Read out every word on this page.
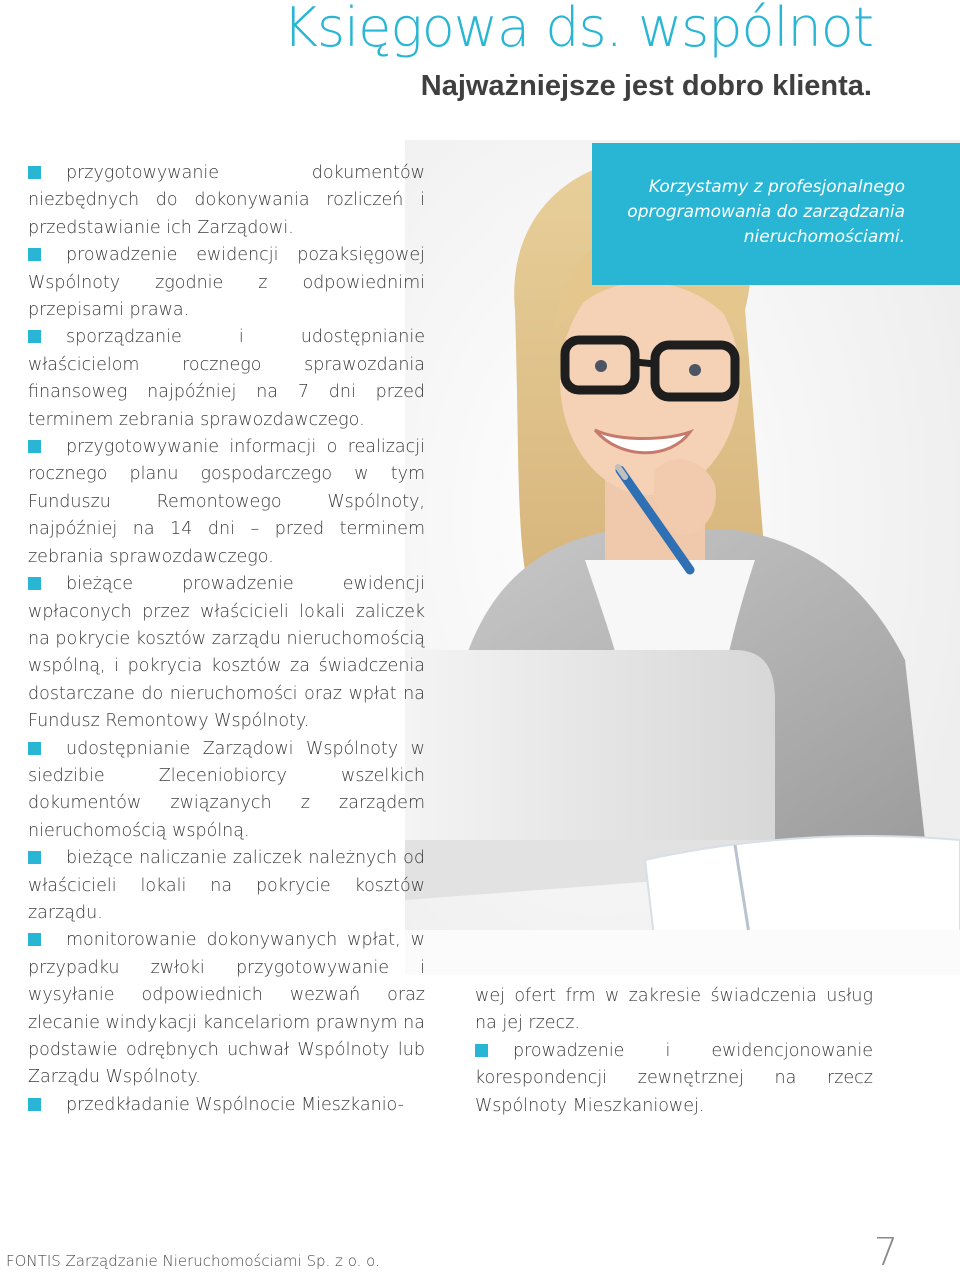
Księgowa ds. wspólnot
Najważniejsze jest dobro klienta.
Korzystamy z profesjonalnego oprogramowania do zarządzania nieruchomościami.

przygotowywanie dokumentów niezbędnych do dokonywania rozliczeń i przedstawianie ich Zarządowi.

prowadzenie ewidencji pozaksięgowej Wspólnoty zgodnie z odpowiednimi przepisami prawa.

sporządzanie i udostępnianie właścicielom rocznego sprawozdania finansoweg najpóźniej na 7 dni przed terminem zebrania sprawozdawczego.

przygotowywanie informacji o realizacji rocznego planu gospodarczego w tym Funduszu Remontowego Wspólnoty, najpóźniej na 14 dni – przed terminem zebrania sprawozdawczego.

bieżące prowadzenie ewidencji wpłaconych przez właścicieli lokali zaliczek na pokrycie kosztów zarządu nieruchomością wspólną, i pokrycia kosztów za świadczenia dostarczane do nieruchomości oraz wpłat na Fundusz Remontowy Wspólnoty.

udostępnianie Zarządowi Wspólnoty w siedzibie Zleceniobiorcy wszelkich dokumentów związanych z zarządem nieruchomością wspólną.

bieżące naliczanie zaliczek należnych od właścicieli lokali na pokrycie kosztów zarządu.

monitorowanie dokonywanych wpłat, w przypadku zwłoki przygotowywanie i wysyłanie odpowiednich wezwań oraz zlecanie windykacji kancelariom prawnym na podstawie odrębnych uchwał Wspólnoty lub Zarządu Wspólnoty.

przedkładanie Wspólnocie Mieszkanio-

wej ofert frm w zakresie świadczenia usług na jej rzecz.

prowadzenie i ewidencjonowanie korespondencji zewnętrznej na rzecz Wspólnoty Mieszkaniowej.

FONTIS Zarządzanie Nieruchomościami Sp. z o. o.	7
